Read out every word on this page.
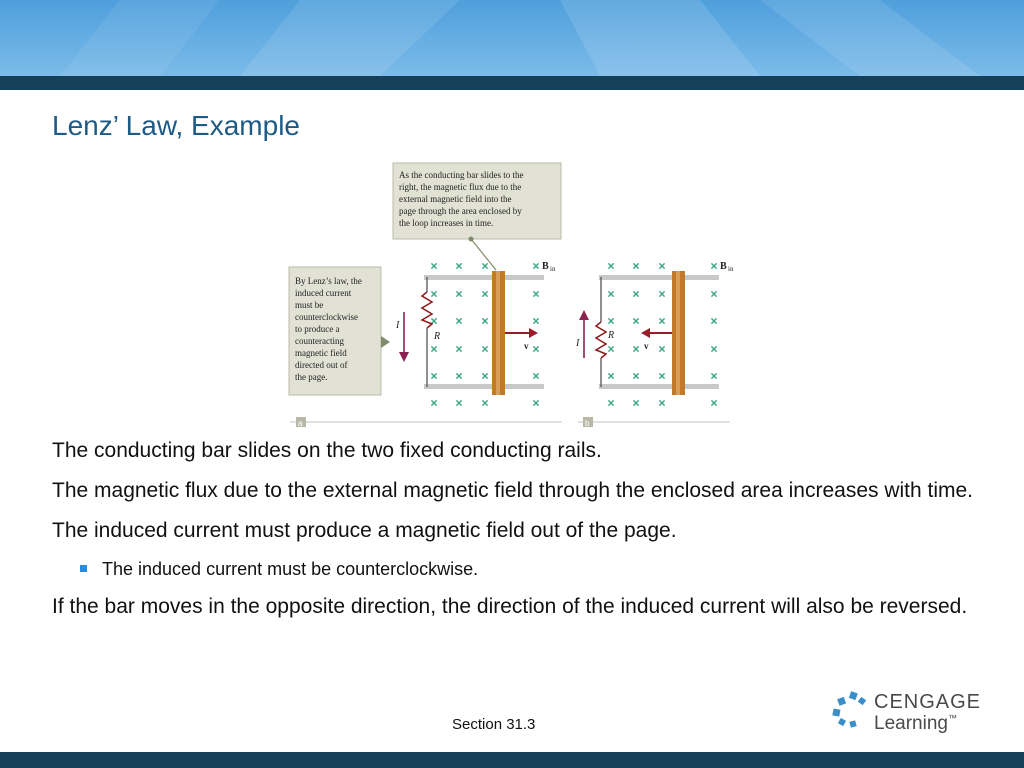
Lenz’ Law, Example
As the conducting bar slides to the
right, the magnetic flux due to the
external magnetic field into the
page through the area enclosed by
the loop increases in time.
By Lenz’s law, the
induced current
must be
counterclockwise
to produce a
counteracting
magnetic field
directed out of
the page.
R
I
v
B in
R
I	v
B in
a	b

The conducting bar slides on the two fixed conducting rails.

The magnetic flux due to the external magnetic field through the enclosed area increases with time.

The induced current must produce a magnetic field out of the page.

The induced current must be counterclockwise.

If the bar moves in the opposite direction, the direction of the induced current will also be reversed.

Section 31.3
CENGAGE
Learning™
